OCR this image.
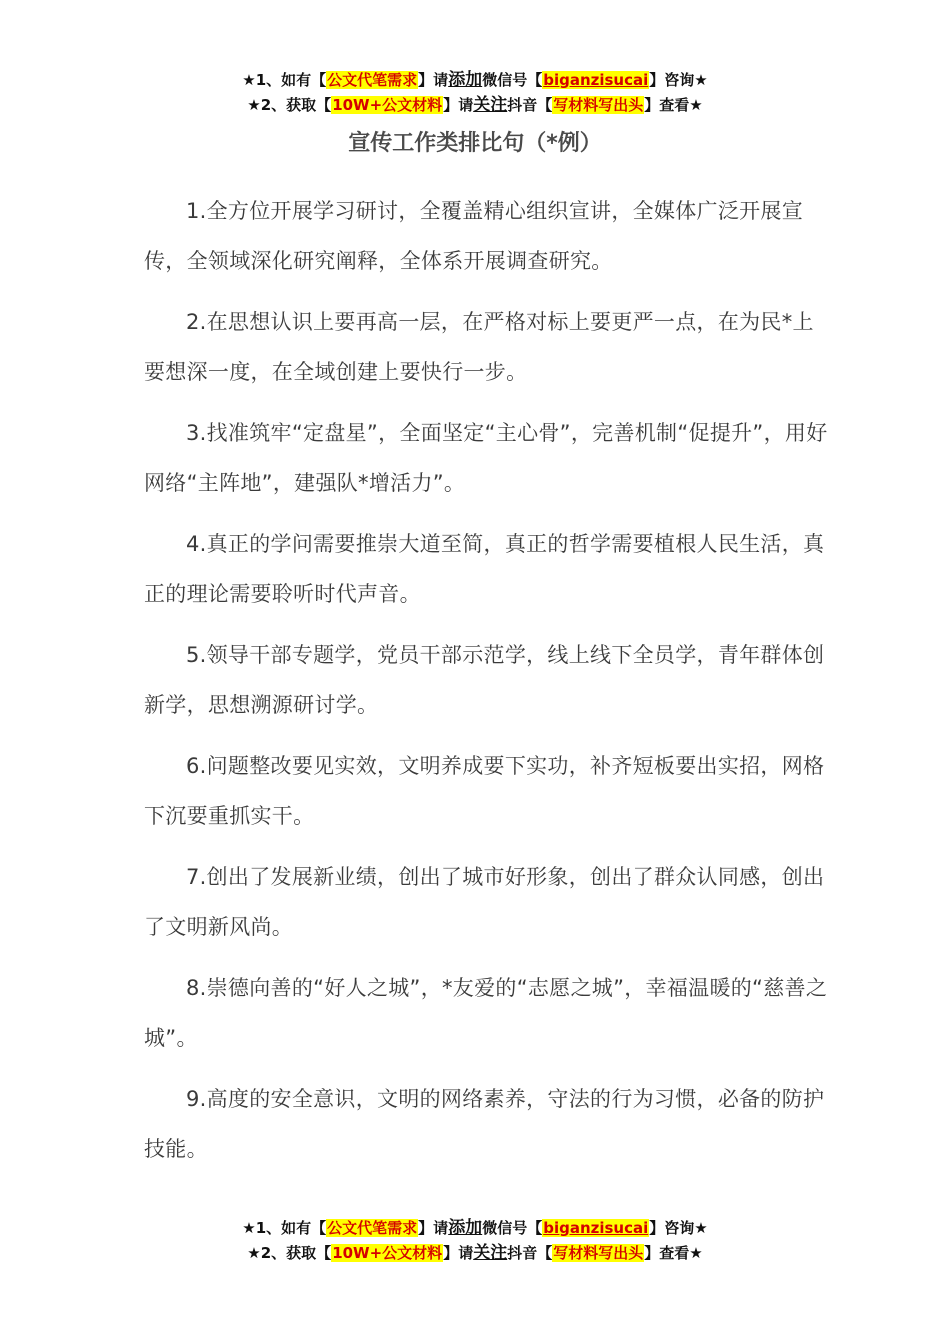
★1、如有【公文代笔需求】请添加微信号【biganzisucai】咨询★
★2、获取【10W+公文材料】请关注抖音【写材料写出头】查看★
宣传工作类排比句（*例）

1.全方位开展学习研讨，全覆盖精心组织宣讲，全媒体广泛开展宣传，全领域深化研究阐释，全体系开展调查研究。

2.在思想认识上要再高一层，在严格对标上要更严一点，在为民*上要想深一度，在全域创建上要快行一步。

3.找准筑牢“定盘星”，全面坚定“主心骨”，完善机制“促提升”，用好网络“主阵地”，建强队*增活力”。

4.真正的学问需要推崇大道至简，真正的哲学需要植根人民生活，真正的理论需要聆听时代声音。

5.领导干部专题学，党员干部示范学，线上线下全员学，青年群体创新学，思想溯源研讨学。

6.问题整改要见实效，文明养成要下实功，补齐短板要出实招，网格下沉要重抓实干。

7.创出了发展新业绩，创出了城市好形象，创出了群众认同感，创出了文明新风尚。

8.崇德向善的“好人之城”，*友爱的“志愿之城”，幸福温暖的“慈善之城”。

9.高度的安全意识，文明的网络素养，守法的行为习惯，必备的防护技能。

★1、如有【公文代笔需求】请添加微信号【biganzisucai】咨询★
★2、获取【10W+公文材料】请关注抖音【写材料写出头】查看★
